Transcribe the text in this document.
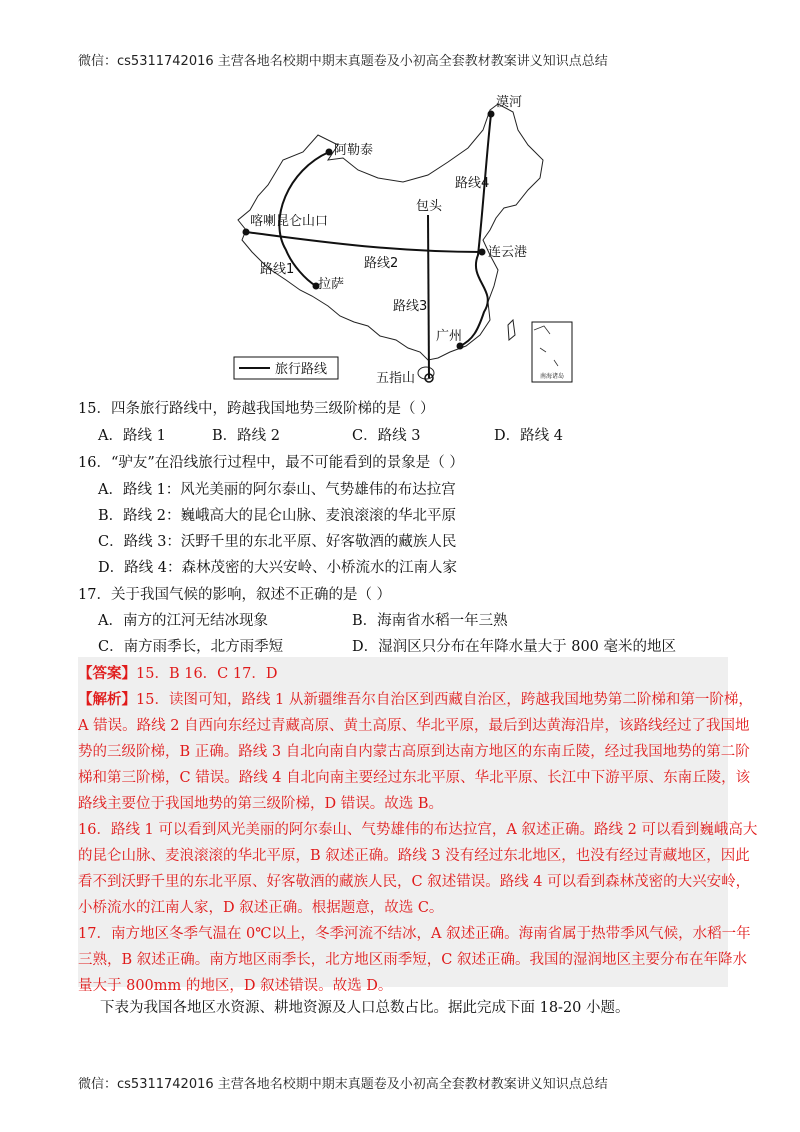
微信：cs5311742016 主营各地名校期中期末真题卷及小初高全套教材教案讲义知识点总结
漠河
阿勒泰
喀喇昆仑山口
包头
连云港
拉萨
广州
五指山
路线1	路线2
路线3
路线4
旅行路线	南海诸岛
15．四条旅行路线中，跨越我国地势三级阶梯的是（ ）
A．路线 1	B．路线 2	C．路线 3	D．路线 4
16．“驴友”在沿线旅行过程中，最不可能看到的景象是（ ）
A．路线 1：风光美丽的阿尔泰山、气势雄伟的布达拉宫
B．路线 2：巍峨高大的昆仑山脉、麦浪滚滚的华北平原
C．路线 3：沃野千里的东北平原、好客敬酒的藏族人民
D．路线 4：森林茂密的大兴安岭、小桥流水的江南人家
17．关于我国气候的影响，叙述不正确的是（ ）
A．南方的江河无结冰现象	B．海南省水稻一年三熟
C．南方雨季长，北方雨季短	D．湿润区只分布在年降水量大于 800 毫米的地区
【答案】15．B 16．C 17．D
【解析】15．读图可知，路线 1 从新疆维吾尔自治区到西藏自治区，跨越我国地势第二阶梯和第一阶梯，
A 错误。路线 2 自西向东经过青藏高原、黄土高原、华北平原，最后到达黄海沿岸，该路线经过了我国地
势的三级阶梯，B 正确。路线 3 自北向南自内蒙古高原到达南方地区的东南丘陵，经过我国地势的第二阶
梯和第三阶梯，C 错误。路线 4 自北向南主要经过东北平原、华北平原、长江中下游平原、东南丘陵，该
路线主要位于我国地势的第三级阶梯，D 错误。故选 B。
16．路线 1 可以看到风光美丽的阿尔泰山、气势雄伟的布达拉宫，A 叙述正确。路线 2 可以看到巍峨高大
的昆仑山脉、麦浪滚滚的华北平原，B 叙述正确。路线 3 没有经过东北地区，也没有经过青藏地区，因此
看不到沃野千里的东北平原、好客敬酒的藏族人民，C 叙述错误。路线 4 可以看到森林茂密的大兴安岭，
小桥流水的江南人家，D 叙述正确。根据题意，故选 C。
17．南方地区冬季气温在 0℃以上，冬季河流不结冰，A 叙述正确。海南省属于热带季风气候，水稻一年
三熟，B 叙述正确。南方地区雨季长，北方地区雨季短，C 叙述正确。我国的湿润地区主要分布在年降水
量大于 800mm 的地区，D 叙述错误。故选 D。
下表为我国各地区水资源、耕地资源及人口总数占比。据此完成下面 18-20 小题。
微信：cs5311742016 主营各地名校期中期末真题卷及小初高全套教材教案讲义知识点总结
